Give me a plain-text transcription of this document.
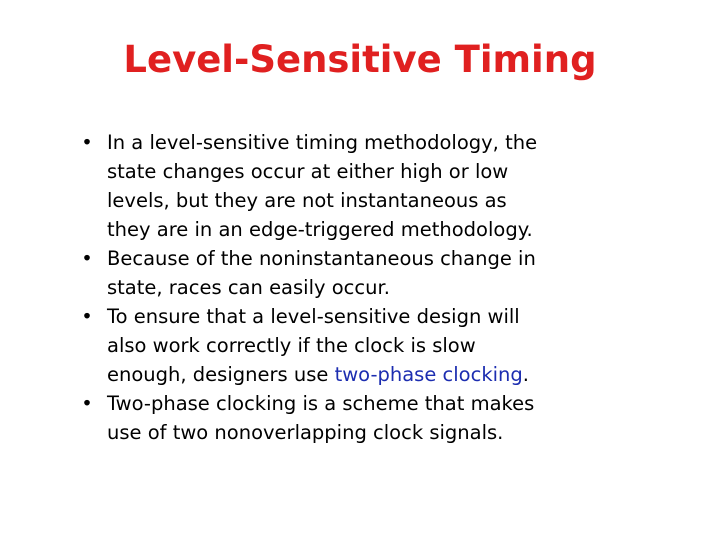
Level-Sensitive Timing
• In a level-sensitive timing methodology, the
state changes occur at either high or low
levels, but they are not instantaneous as
they are in an edge-triggered methodology.
• Because of the noninstantaneous change in
state, races can easily occur.
• To ensure that a level-sensitive design will
also work correctly if the clock is slow
enough, designers use two-phase clocking.
• Two-phase clocking is a scheme that makes
use of two nonoverlapping clock signals.
